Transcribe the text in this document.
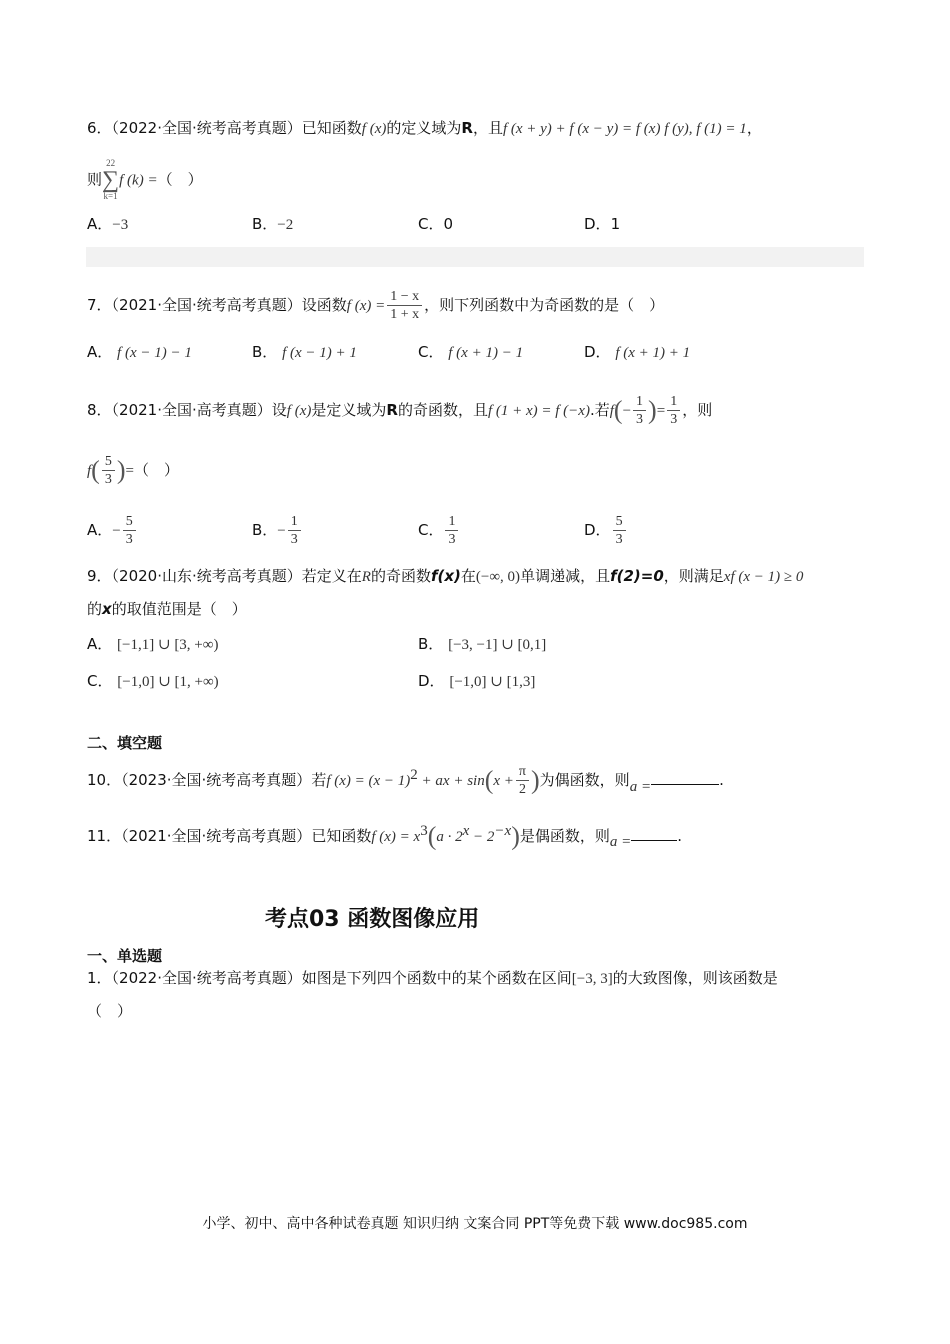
6．（2022·全国·统考高考真题）已知函数f (x)的定义域为R，且f (x + y) + f (x − y) = f (x) f (y), f (1) = 1，
则
22
∑
k=1
f (k) =（　）
A．−3	B．−2	C．0	D．1
7．（2021·全国·统考高考真题）设函数f $(x) = \frac{1 - x}{1 + x}$ ，则下列函数中为奇函数的是（　）
A． f (x − 1) − 1	B． f (x − 1) + 1	C． f (x + 1) − 1	D． f (x + 1) + 1
8．（2021·全国·高考真题）设f (x)是定义域为R的奇函数，且f (1 + x) = f (−x).若$f(- \frac{1}{3}$ )= $\frac{1}{3}$ ，则
$f( \frac{5}{3}$ )=（　）
A．− $\frac{5}{3}$	B．− $\frac{1}{3}$	C． $\frac{1}{3}$	D． $\frac{5}{3}$
9．（2020·山东·统考高考真题）若定义在R的奇函数f(x)在(−∞, 0)单调递减，且f(2)=0，则满足xf (x − 1) ≥ 0
的x的取值范围是（　）
A． [−1,1] ∪ [3, +∞)	B． [−3, −1] ∪ [0,1]
C． [−1,0] ∪ [1, +∞)	D． [−1,0] ∪ [1,3]
二、填空题
10．（2023·全国·统考高考真题）若f $(x) = (x - 1)^2$ + ax + $\sin(x + \frac{\pi}{2}$ )为偶函数，则a =	.
11．（2021·全国·统考高考真题）已知函数f $(x) = x^3(a \cdot 2^x - 2^{-x})$是偶函数，则a =	.
考点03 函数图像应用
一、单选题
1．（2022·全国·统考高考真题）如图是下列四个函数中的某个函数在区间[−3, 3]的大致图像，则该函数是
（　）
小学、初中、高中各种试卷真题 知识归纳 文案合同 PPT等免费下载 www.doc985.com
